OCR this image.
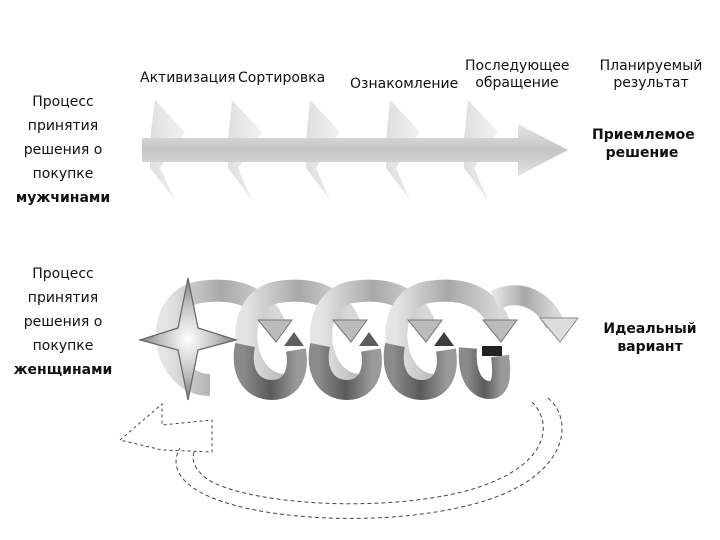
Активизация Сортировка Ознакомление
Последующее
обращение
Планируемый
результат
Процесс
принятия
решения о
покупке
мужчинами
Приемлемое
решение
Процесс
принятия
решения о
покупке
женщинами
Идеальный
вариант
